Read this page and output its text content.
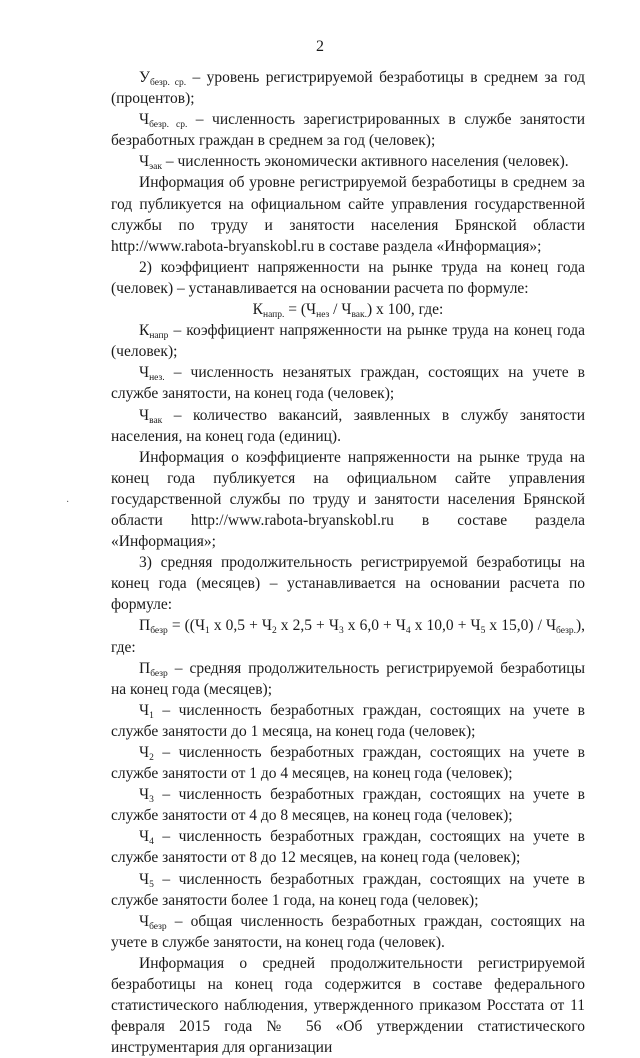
2

$У_{безр. ср.}$ – уровень регистрируемой безработицы в среднем за год (процентов);

$Ч_{безр. ср.}$ – численность зарегистрированных в службе занятости безработных граждан в среднем за год (человек);

$Ч_{эак}$ – численность экономически активного населения (человек).

Информация об уровне регистрируемой безработицы в среднем за год публикуется на официальном сайте управления государственной службы по труду и занятости населения Брянской области http://www.rabota-bryanskobl.ru в составе раздела «Информация»;

2) коэффициент напряженности на рынке труда на конец года (человек) – устанавливается на основании расчета по формуле:

$К_{напр.} = (Ч_{нез} / Ч_{вак.})$ х 100, где:

$К_{напр}$ – коэффициент напряженности на рынке труда на конец года (человек);

$Ч_{нез.}$ – численность незанятых граждан, состоящих на учете в службе занятости, на конец года (человек);

$Ч_{вак}$ – количество вакансий, заявленных в службу занятости населения, на конец года (единиц).

Информация о коэффициенте напряженности на рынке труда на конец года публикуется на официальном сайте управления государственной службы по труду и занятости населения Брянской области http://www.rabota-bryanskobl.ru в составе раздела «Информация»;

3) средняя продолжительность регистрируемой безработицы на конец года (месяцев) – устанавливается на основании расчета по формуле:

$П_{безр} = ((Ч_1$ х $0,5 + Ч_2$ х $2,5 + Ч_3$ х $6,0 + Ч_4$ х $10,0 + Ч_5$ х $15,0) / Ч_{безр.}$), где:

$П_{безр}$ – средняя продолжительность регистрируемой безработицы на конец года (месяцев);

$Ч_1$ – численность безработных граждан, состоящих на учете в службе занятости до 1 месяца, на конец года (человек);

$Ч_2$ – численность безработных граждан, состоящих на учете в службе занятости от 1 до 4 месяцев, на конец года (человек);

$Ч_3$ – численность безработных граждан, состоящих на учете в службе занятости от 4 до 8 месяцев, на конец года (человек);

$Ч_4$ – численность безработных граждан, состоящих на учете в службе занятости от 8 до 12 месяцев, на конец года (человек);

$Ч_5$ – численность безработных граждан, состоящих на учете в службе занятости более 1 года, на конец года (человек);

$Ч_{безр}$ – общая численность безработных граждан, состоящих на учете в службе занятости, на конец года (человек).

Информация о средней продолжительности регистрируемой безработицы на конец года содержится в составе федерального статистического наблюдения, утвержденного приказом Росстата от 11 февраля 2015 года № 56 «Об утверждении статистического инструментария для организации

·
